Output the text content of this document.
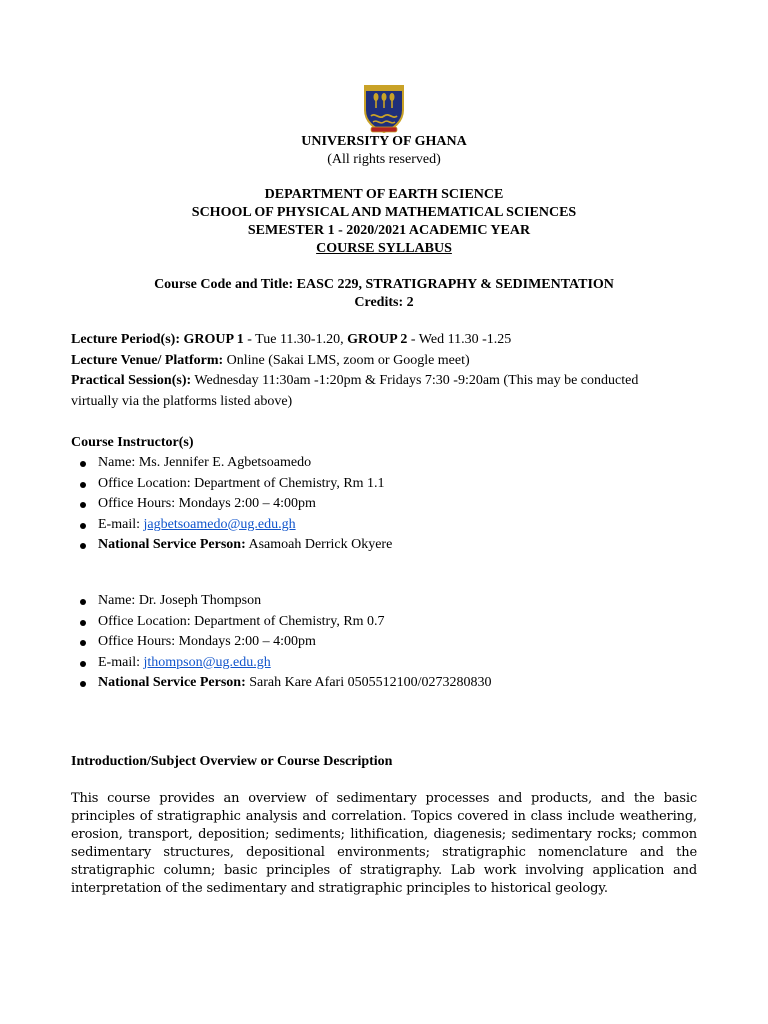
UNIVERSITY OF GHANA
(All rights reserved)
DEPARTMENT OF EARTH SCIENCE
SCHOOL OF PHYSICAL AND MATHEMATICAL SCIENCES
SEMESTER 1 - 2020/2021 ACADEMIC YEAR
COURSE SYLLABUS
Course Code and Title: EASC 229, STRATIGRAPHY & SEDIMENTATION
Credits: 2
Lecture Period(s): GROUP 1 - Tue 11.30-1.20, GROUP 2 - Wed 11.30 -1.25
Lecture Venue/ Platform: Online (Sakai LMS, zoom or Google meet)
Practical Session(s): Wednesday 11:30am -1:20pm & Fridays 7:30 -9:20am (This may be conducted
virtually via the platforms listed above)
Course Instructor(s)
Name: Ms. Jennifer E. Agbetsoamedo
Office Location: Department of Chemistry, Rm 1.1
Office Hours: Mondays 2:00 – 4:00pm
E-mail: jagbetsoamedo@ug.edu.gh
National Service Person: Asamoah Derrick Okyere
Name: Dr. Joseph Thompson
Office Location: Department of Chemistry, Rm 0.7
Office Hours: Mondays 2:00 – 4:00pm
E-mail: jthompson@ug.edu.gh
National Service Person: Sarah Kare Afari 0505512100/0273280830
Introduction/Subject Overview or Course Description

This course provides an overview of sedimentary processes and products, and the basic principles of stratigraphic analysis and correlation. Topics covered in class include weathering, erosion, transport, deposition; sediments; lithification, diagenesis; sedimentary rocks; common sedimentary structures, depositional environments; stratigraphic nomenclature and the stratigraphic column; basic principles of stratigraphy. Lab work involving application and interpretation of the sedimentary and stratigraphic principles to historical geology.
